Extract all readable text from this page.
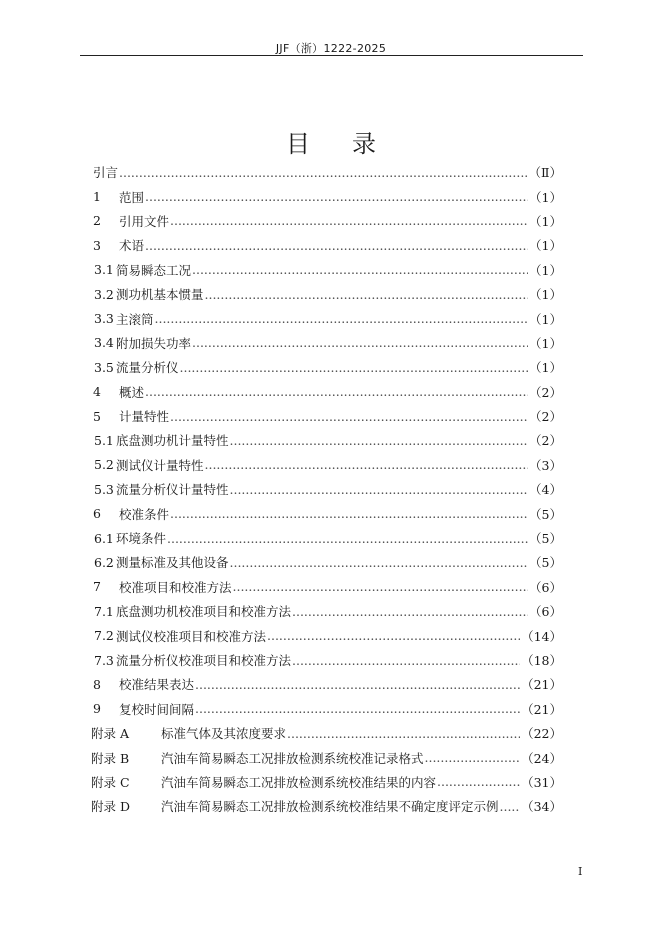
JJF（浙）1222-2025
目录
引言 .....	（Ⅱ）
1	范围 .....	（1）
2	引用文件 .....	（1）
3	术语 .....	（1）
3.1 简易瞬态工况 .....	（1）
3.2 测功机基本惯量 .....	（1）
3.3 主滚筒 .....	（1）
3.4 附加损失功率 .....	（1）
3.5 流量分析仪 .....	（1）
4	概述 .....	（2）
5	计量特性 .....	（2）
5.1 底盘测功机计量特性 .....	（2）
5.2 测试仪计量特性 .....	（3）
5.3 流量分析仪计量特性 .....	（4）
6	校准条件 .....	（5）
6.1 环境条件 .....	（5）
6.2 测量标准及其他设备 .....	（5）
7	校准项目和校准方法 .....	（6）
7.1 底盘测功机校准项目和校准方法 .....	（6）
7.2 测试仪校准项目和校准方法 .....	（14）
7.3 流量分析仪校准项目和校准方法 .....	（18）
8	校准结果表达 .....	（21）
9	复校时间间隔 .....	（21）
附录 A	标准气体及其浓度要求 .....	（22）
附录 B	汽油车简易瞬态工况排放检测系统校准记录格式 .....	（24）
附录 C	汽油车简易瞬态工况排放检测系统校准结果的内容 .....	（31）
附录 D	汽油车简易瞬态工况排放检测系统校准结果不确定度评定示例 ..... （34）
I
